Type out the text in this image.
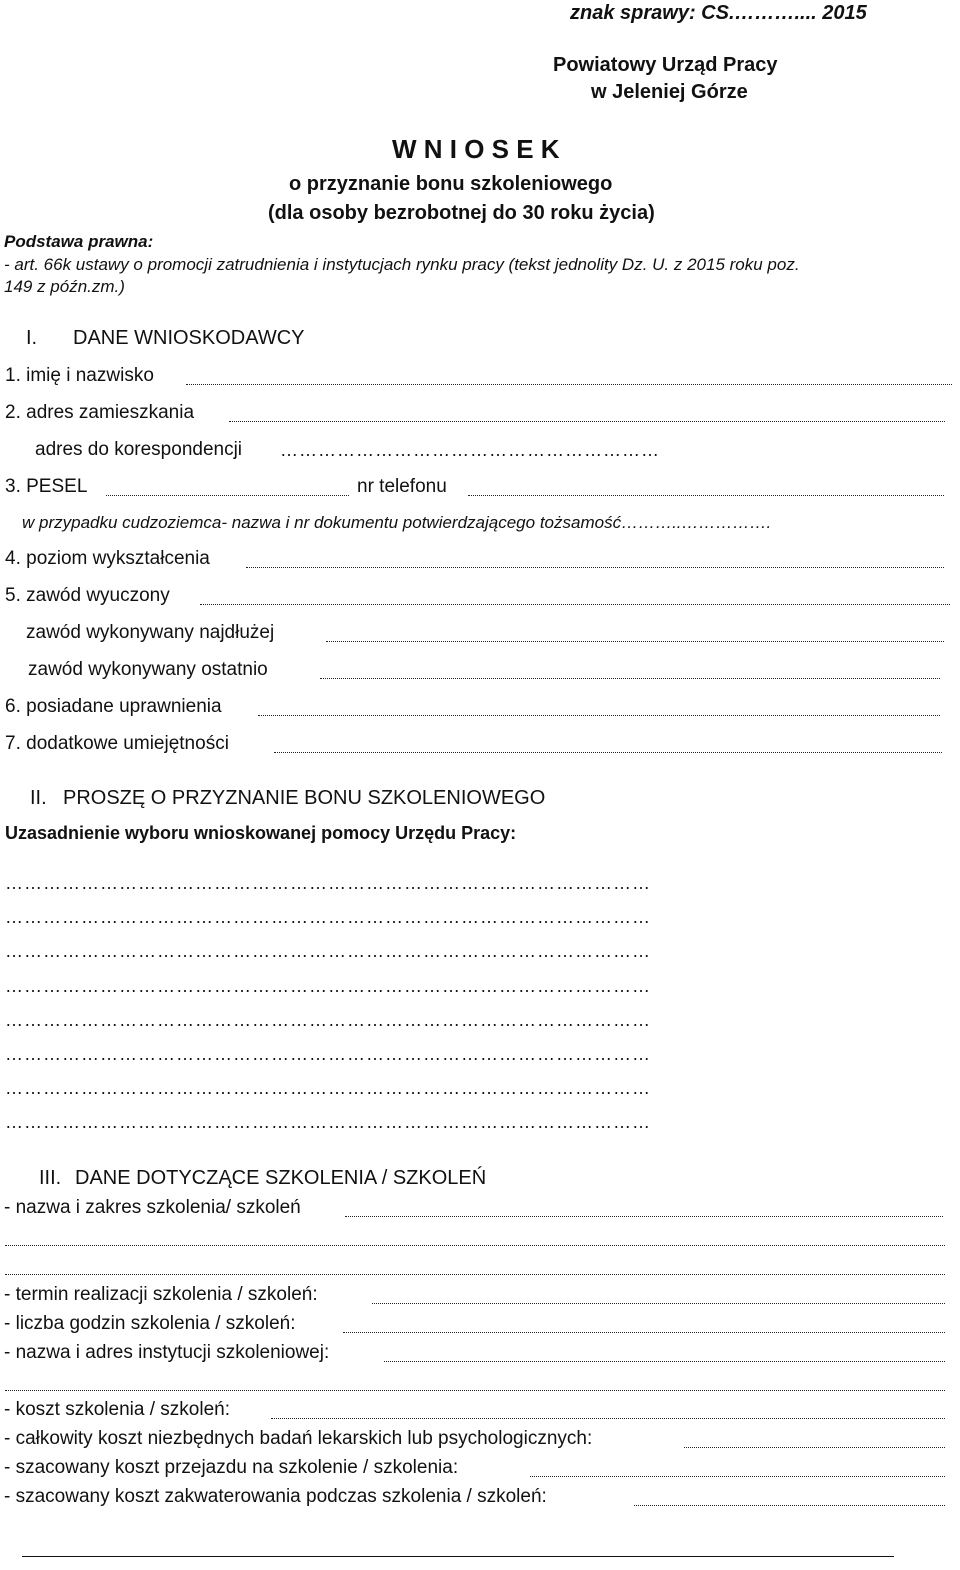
znak sprawy: CS.……….... 2015
Powiatowy Urząd Pracy
w Jeleniej Górze
W N I O S E K
o przyznanie bonu szkoleniowego
(dla osoby bezrobotnej do 30 roku życia)
Podstawa prawna:
- art. 66k ustawy o promocji zatrudnienia i instytucjach rynku pracy (tekst jednolity Dz. U. z 2015 roku poz.
149 z późn.zm.)
I. DANE WNIOSKODAWCY
1. imię i nazwisko
2. adres zamieszkania
adres do korespondencji ……………………………………………………
3. PESEL	nr telefonu
w przypadku cudzoziemca- nazwa i nr dokumentu potwierdzającego tożsamość………..…………….
4. poziom wykształcenia
5. zawód wyuczony
zawód wykonywany najdłużej
zawód wykonywany ostatnio
6. posiadane uprawnienia
7. dodatkowe umiejętności
II. PROSZĘ O PRZYZNANIE BONU SZKOLENIOWEGO
Uzasadnienie wyboru wnioskowanej pomocy Urzędu Pracy:
…………………………………………………………………………………………
…………………………………………………………………………………………
…………………………………………………………………………………………
…………………………………………………………………………………………
…………………………………………………………………………………………
…………………………………………………………………………………………
…………………………………………………………………………………………
…………………………………………………………………………………………
III. DANE DOTYCZĄCE SZKOLENIA / SZKOLEŃ
- nazwa i zakres szkolenia/ szkoleń
- termin realizacji szkolenia / szkoleń:
- liczba godzin szkolenia / szkoleń:
- nazwa i adres instytucji szkoleniowej:
- koszt szkolenia / szkoleń:
- całkowity koszt niezbędnych badań lekarskich lub psychologicznych:
- szacowany koszt przejazdu na szkolenie / szkolenia:
- szacowany koszt zakwaterowania podczas szkolenia / szkoleń:
